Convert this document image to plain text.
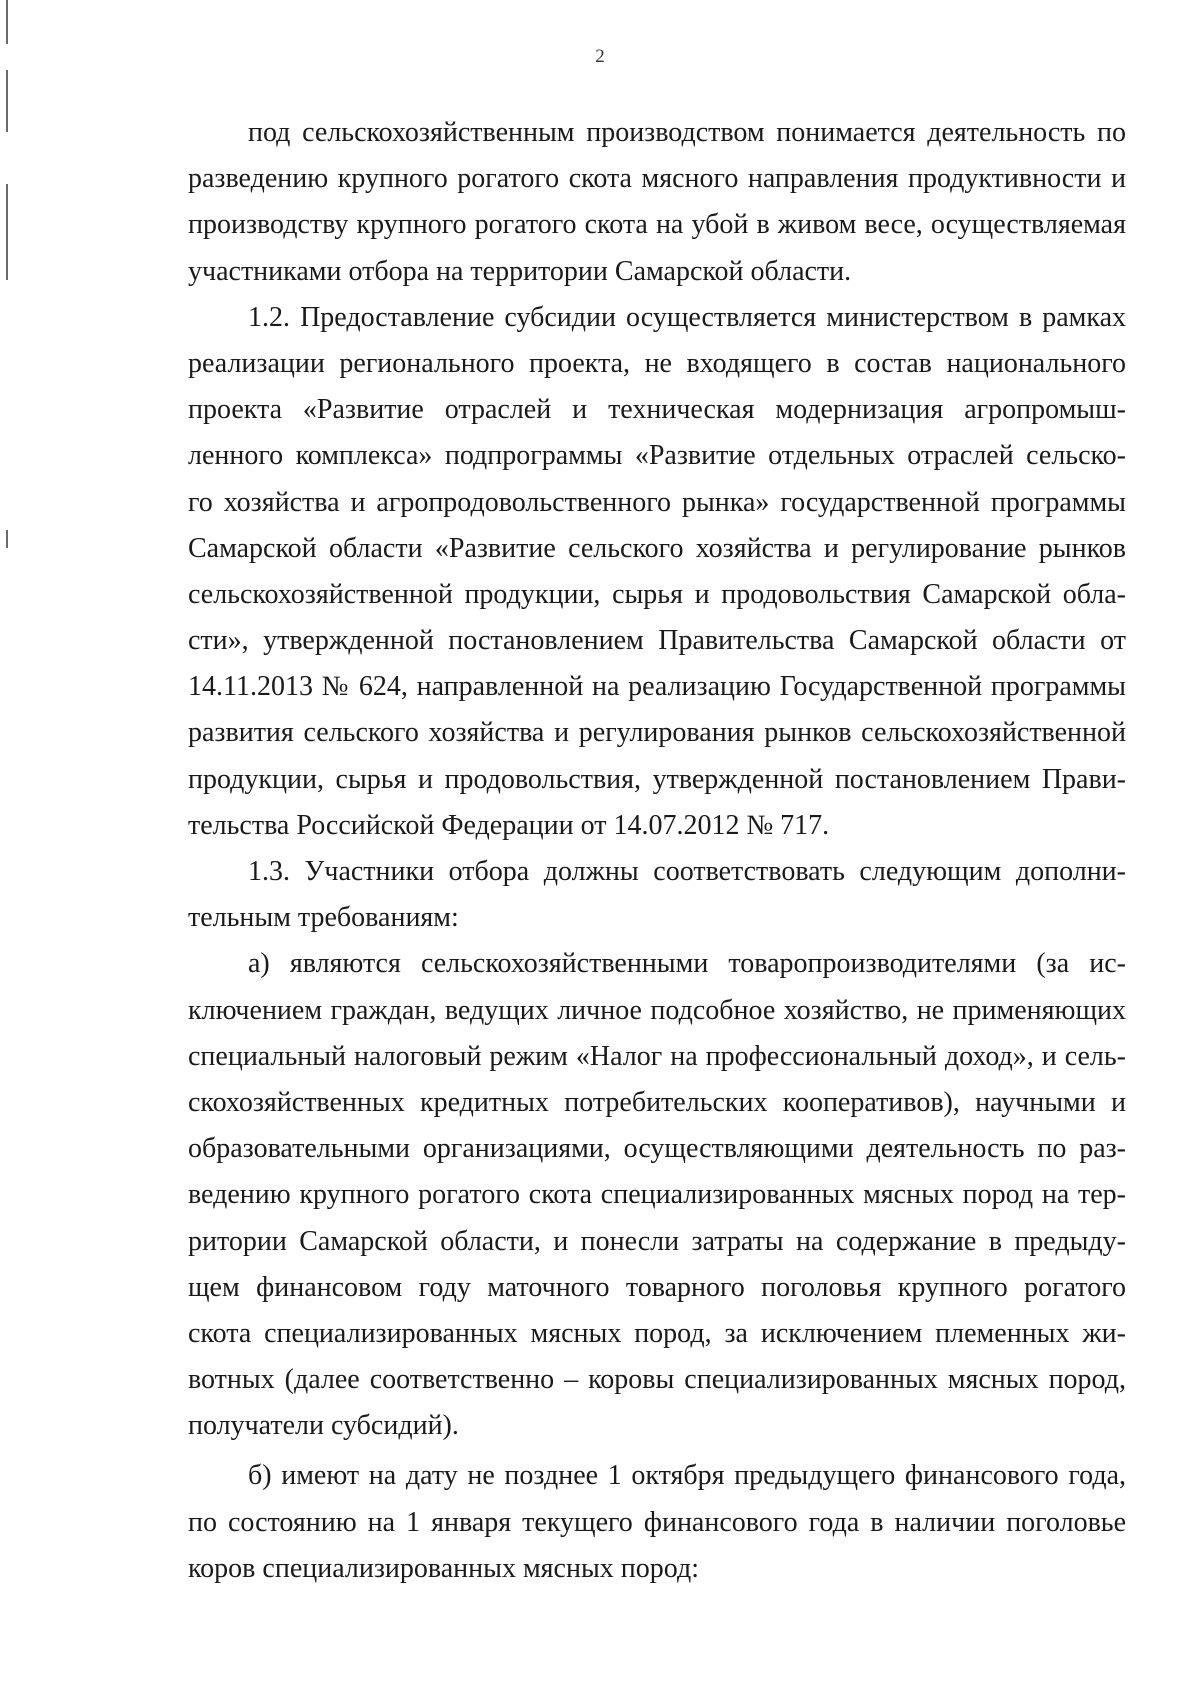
2
под сельскохозяйственным производством понимается деятельность по
разведению крупного рогатого скота мясного направления продуктивности и
производству крупного рогатого скота на убой в живом весе, осуществляемая
участниками отбора на территории Самарской области.
1.2. Предоставление субсидии осуществляется министерством в рамках
реализации регионального проекта, не входящего в состав национального
проекта «Развитие отраслей и техническая модернизация агропромыш-
ленного комплекса» подпрограммы «Развитие отдельных отраслей сельско-
го хозяйства и агропродовольственного рынка» государственной программы
Самарской области «Развитие сельского хозяйства и регулирование рынков
сельскохозяйственной продукции, сырья и продовольствия Самарской обла-
сти», утвержденной постановлением Правительства Самарской области от
14.11.2013 № 624, направленной на реализацию Государственной программы
развития сельского хозяйства и регулирования рынков сельскохозяйственной
продукции, сырья и продовольствия, утвержденной постановлением Прави-
тельства Российской Федерации от 14.07.2012 № 717.
1.3. Участники отбора должны соответствовать следующим дополни-
тельным требованиям:
а) являются сельскохозяйственными товаропроизводителями (за ис-
ключением граждан, ведущих личное подсобное хозяйство, не применяющих
специальный налоговый режим «Налог на профессиональный доход», и сель-
скохозяйственных кредитных потребительских кооперативов), научными и
образовательными организациями, осуществляющими деятельность по раз-
ведению крупного рогатого скота специализированных мясных пород на тер-
ритории Самарской области, и понесли затраты на содержание в предыду-
щем финансовом году маточного товарного поголовья крупного рогатого
скота специализированных мясных пород, за исключением племенных жи-
вотных (далее соответственно – коровы специализированных мясных пород,
получатели субсидий).
б) имеют на дату не позднее 1 октября предыдущего финансового года,
по состоянию на 1 января текущего финансового года в наличии поголовье
коров специализированных мясных пород:
